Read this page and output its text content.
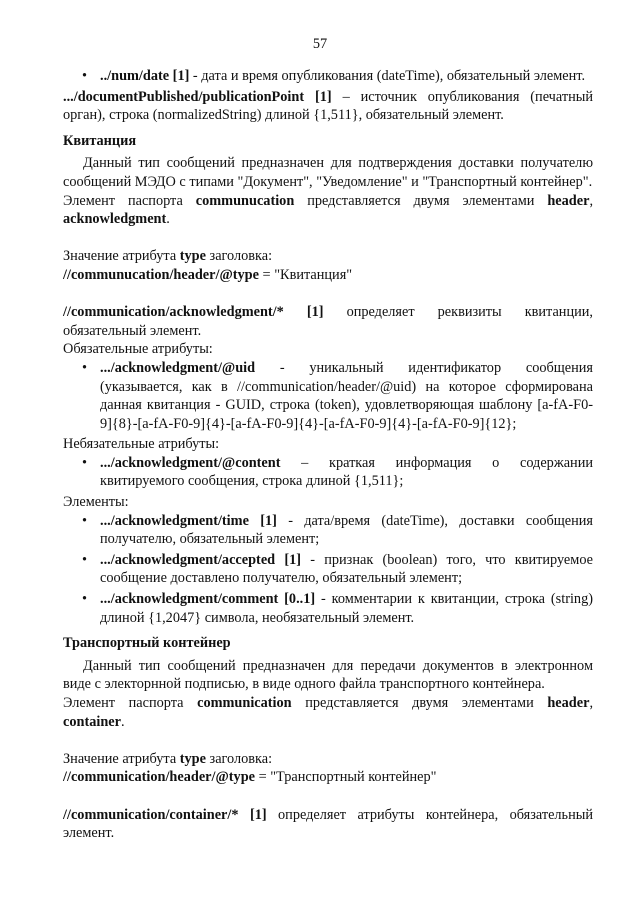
57
• ../num/date [1] - дата и время опубликования (dateTime), обязательный элемент.

.../documentPublished/publicationPoint [1] – источник опубликования (печатный орган), строка (normalizedString) длиной {1,511}, обязательный элемент.

Квитанция

Данный тип сообщений предназначен для подтверждения доставки получателю сообщений МЭДО с типами "Документ", "Уведомление" и "Транспортный контейнер".

Элемент паспорта communucation представляется двумя элементами header, acknowledgment.

Значение атрибута type заголовка:

//communucation/header/@type = "Квитанция"

//communication/acknowledgment/* [1] определяет реквизиты квитанции, обязательный элемент.

Обязательные атрибуты:

• .../acknowledgment/@uid - уникальный идентификатор сообщения (указывается, как в //communication/header/@uid) на которое сформирована данная квитанция - GUID, строка (token), удовлетворяющая шаблону [a-fA-F0-9]{8}-[a-fA-F0-9]{4}-[a-fA-F0-9]{4}-[a-fA-F0-9]{4}-[a-fA-F0-9]{12};

Небязательные атрибуты:

• .../acknowledgment/@content – краткая информация о содержании квитируемого сообщения, строка длиной {1,511};

Элементы:

• .../acknowledgment/time [1] - дата/время (dateTime), доставки сообщения получателю, обязательный элемент;
• .../acknowledgment/accepted [1] - признак (boolean) того, что квитируемое сообщение доставлено получателю, обязательный элемент;
• .../acknowledgment/comment [0..1] - комментарии к квитанции, строка (string) длиной {1,2047} символа, необязательный элемент.

Транспортный контейнер

Данный тип сообщений предназначен для передачи документов в электронном виде с электорнной подписью, в виде одного файла транспортного контейнера.

Элемент паспорта communication представляется двумя элементами header, container.

Значение атрибута type заголовка:

//communication/header/@type = "Транспортный контейнер"

//communication/container/* [1] определяет атрибуты контейнера, обязательный элемент.
